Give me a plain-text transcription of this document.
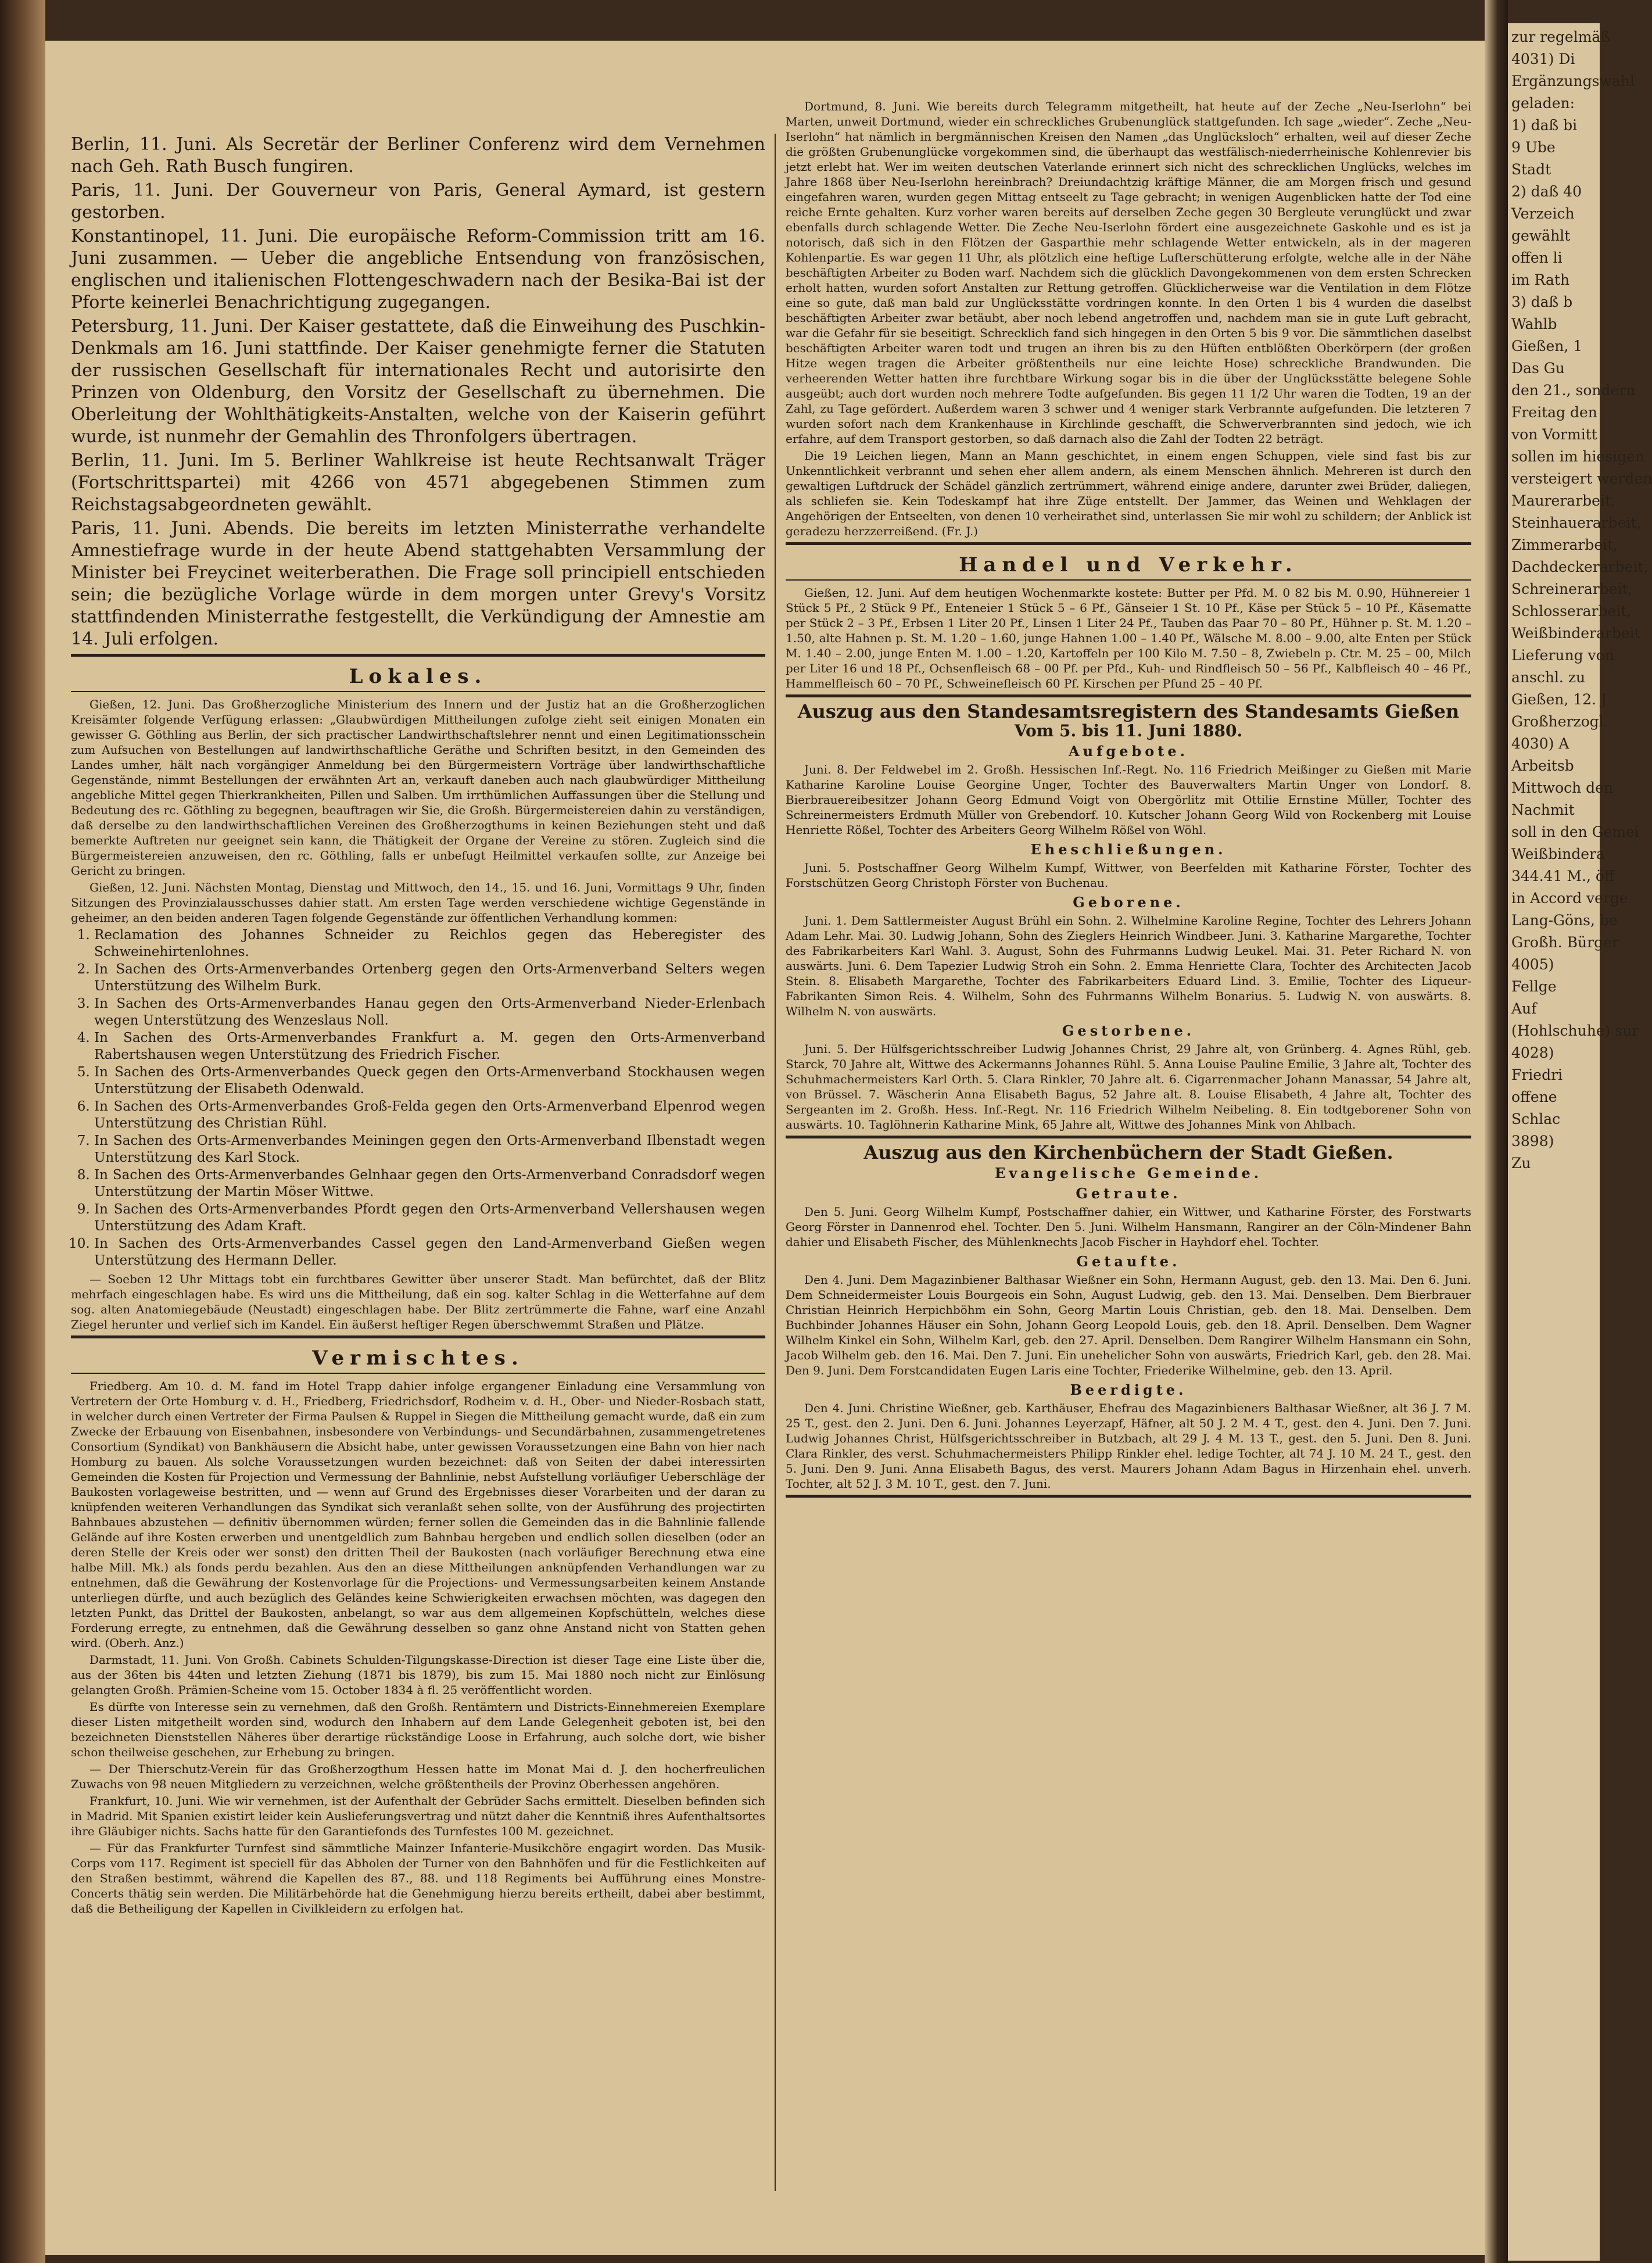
zur regelmäß
4031) Di
Ergänzungswahl
geladen:
1) daß bi
9 Ube
Stadt
2) daß 40
Verzeich
gewählt
offen li
im Rath
3) daß b
Wahlb
Gießen, 1
Das Gu
den 21., sondern
Freitag den
von Vormitt
sollen im hiesigen
versteigert werden
Maurerarbeit,
Steinhauerarbeit,
Zimmerarbeit,
Dachdeckerarbeit,
Schreinerarbeit,
Schlosserarbeit,
Weißbinderarbeit
Lieferung von
anschl. zu
Gießen, 12. J
Großherzogl.
4030) A
Arbeitsb
Mittwoch den
Nachmit
soll in den Gemei
Weißbindera
344.41 M., öff
in Accord verge
Lang-Göns, be
Großh. Bürger
4005)
Fellge
Auf
(Hohlschuhe) sur
4028)
Friedri
offene
Schlac
3898)
Zu

Berlin, 11. Juni. Als Secretär der Berliner Conferenz wird dem Vernehmen nach Geh. Rath Busch fungiren.

Paris, 11. Juni. Der Gouverneur von Paris, General Aymard, ist gestern gestorben.

Konstantinopel, 11. Juni. Die europäische Reform-Commission tritt am 16. Juni zusammen. — Ueber die angebliche Entsendung von französischen, englischen und italienischen Flottengeschwadern nach der Besika-Bai ist der Pforte keinerlei Benachrichtigung zugegangen.

Petersburg, 11. Juni. Der Kaiser gestattete, daß die Einweihung des Puschkin-Denkmals am 16. Juni stattfinde. Der Kaiser genehmigte ferner die Statuten der russischen Gesellschaft für internationales Recht und autorisirte den Prinzen von Oldenburg, den Vorsitz der Gesellschaft zu übernehmen. Die Oberleitung der Wohlthätigkeits-Anstalten, welche von der Kaiserin geführt wurde, ist nunmehr der Gemahlin des Thronfolgers übertragen.

Berlin, 11. Juni. Im 5. Berliner Wahlkreise ist heute Rechtsanwalt Träger (Fortschrittspartei) mit 4266 von 4571 abgegebenen Stimmen zum Reichstagsabgeordneten gewählt.

Paris, 11. Juni. Abends. Die bereits im letzten Ministerrathe verhandelte Amnestiefrage wurde in der heute Abend stattgehabten Versammlung der Minister bei Freycinet weiterberathen. Die Frage soll principiell entschieden sein; die bezügliche Vorlage würde in dem morgen unter Grevy's Vorsitz stattfindenden Ministerrathe festgestellt, die Verkündigung der Amnestie am 14. Juli erfolgen.

Lokales.

Gießen, 12. Juni. Das Großherzogliche Ministerium des Innern und der Justiz hat an die Großherzoglichen Kreisämter folgende Verfügung erlassen: „Glaubwürdigen Mittheilungen zufolge zieht seit einigen Monaten ein gewisser G. Göthling aus Berlin, der sich practischer Landwirthschaftslehrer nennt und einen Legitimationsschein zum Aufsuchen von Bestellungen auf landwirthschaftliche Geräthe und Schriften besitzt, in den Gemeinden des Landes umher, hält nach vorgängiger Anmeldung bei den Bürgermeistern Vorträge über landwirthschaftliche Gegenstände, nimmt Bestellungen der erwähnten Art an, verkauft daneben auch nach glaubwürdiger Mittheilung angebliche Mittel gegen Thierkrankheiten, Pillen und Salben. Um irrthümlichen Auffassungen über die Stellung und Bedeutung des rc. Göthling zu begegnen, beauftragen wir Sie, die Großh. Bürgermeistereien dahin zu verständigen, daß derselbe zu den landwirthschaftlichen Vereinen des Großherzogthums in keinen Beziehungen steht und daß bemerkte Auftreten nur geeignet sein kann, die Thätigkeit der Organe der Vereine zu stören. Zugleich sind die Bürgermeistereien anzuweisen, den rc. Göthling, falls er unbefugt Heilmittel verkaufen sollte, zur Anzeige bei Gericht zu bringen.

Gießen, 12. Juni. Nächsten Montag, Dienstag und Mittwoch, den 14., 15. und 16. Juni, Vormittags 9 Uhr, finden Sitzungen des Provinzialausschusses dahier statt. Am ersten Tage werden verschiedene wichtige Gegenstände in geheimer, an den beiden anderen Tagen folgende Gegenstände zur öffentlichen Verhandlung kommen:

1. Reclamation des Johannes Schneider zu Reichlos gegen das Heberegister des Schweinehirtenlohnes.
2. In Sachen des Orts-Armenverbandes Ortenberg gegen den Orts-Armenverband Selters wegen Unterstützung des Wilhelm Burk.
3. In Sachen des Orts-Armenverbandes Hanau gegen den Orts-Armenverband Nieder-Erlenbach wegen Unterstützung des Wenzeslaus Noll.
4. In Sachen des Orts-Armenverbandes Frankfurt a. M. gegen den Orts-Armenverband Rabertshausen wegen Unterstützung des Friedrich Fischer.
5. In Sachen des Orts-Armenverbandes Queck gegen den Orts-Armenverband Stockhausen wegen Unterstützung der Elisabeth Odenwald.
6. In Sachen des Orts-Armenverbandes Groß-Felda gegen den Orts-Armenverband Elpenrod wegen Unterstützung des Christian Rühl.
7. In Sachen des Orts-Armenverbandes Meiningen gegen den Orts-Armenverband Ilbenstadt wegen Unterstützung des Karl Stock.
8. In Sachen des Orts-Armenverbandes Gelnhaar gegen den Orts-Armenverband Conradsdorf wegen Unterstützung der Martin Möser Wittwe.
9. In Sachen des Orts-Armenverbandes Pfordt gegen den Orts-Armenverband Vellershausen wegen Unterstützung des Adam Kraft.
10. In Sachen des Orts-Armenverbandes Cassel gegen den Land-Armenverband Gießen wegen Unterstützung des Hermann Deller.

— Soeben 12 Uhr Mittags tobt ein furchtbares Gewitter über unserer Stadt. Man befürchtet, daß der Blitz mehrfach eingeschlagen habe. Es wird uns die Mittheilung, daß ein sog. kalter Schlag in die Wetterfahne auf dem sog. alten Anatomiegebäude (Neustadt) eingeschlagen habe. Der Blitz zertrümmerte die Fahne, warf eine Anzahl Ziegel herunter und verlief sich im Kandel. Ein äußerst heftiger Regen überschwemmt Straßen und Plätze.

Vermischtes.

Friedberg. Am 10. d. M. fand im Hotel Trapp dahier infolge ergangener Einladung eine Versammlung von Vertretern der Orte Homburg v. d. H., Friedberg, Friedrichsdorf, Rodheim v. d. H., Ober- und Nieder-Rosbach statt, in welcher durch einen Vertreter der Firma Paulsen & Ruppel in Siegen die Mittheilung gemacht wurde, daß ein zum Zwecke der Erbauung von Eisenbahnen, insbesondere von Verbindungs- und Secundärbahnen, zusammengetretenes Consortium (Syndikat) von Bankhäusern die Absicht habe, unter gewissen Voraussetzungen eine Bahn von hier nach Homburg zu bauen. Als solche Voraussetzungen wurden bezeichnet: daß von Seiten der dabei interessirten Gemeinden die Kosten für Projection und Vermessung der Bahnlinie, nebst Aufstellung vorläufiger Ueberschläge der Baukosten vorlageweise bestritten, und — wenn auf Grund des Ergebnisses dieser Vorarbeiten und der daran zu knüpfenden weiteren Verhandlungen das Syndikat sich veranlaßt sehen sollte, von der Ausführung des projectirten Bahnbaues abzustehen — definitiv übernommen würden; ferner sollen die Gemeinden das in die Bahnlinie fallende Gelände auf ihre Kosten erwerben und unentgeldlich zum Bahnbau hergeben und endlich sollen dieselben (oder an deren Stelle der Kreis oder wer sonst) den dritten Theil der Baukosten (nach vorläufiger Berechnung etwa eine halbe Mill. Mk.) als fonds perdu bezahlen. Aus den an diese Mittheilungen anknüpfenden Verhandlungen war zu entnehmen, daß die Gewährung der Kostenvorlage für die Projections- und Vermessungsarbeiten keinem Anstande unterliegen dürfte, und auch bezüglich des Geländes keine Schwierigkeiten erwachsen möchten, was dagegen den letzten Punkt, das Drittel der Baukosten, anbelangt, so war aus dem allgemeinen Kopfschütteln, welches diese Forderung erregte, zu entnehmen, daß die Gewährung desselben so ganz ohne Anstand nicht von Statten gehen wird. (Oberh. Anz.)

Darmstadt, 11. Juni. Von Großh. Cabinets Schulden-Tilgungskasse-Direction ist dieser Tage eine Liste über die, aus der 36ten bis 44ten und letzten Ziehung (1871 bis 1879), bis zum 15. Mai 1880 noch nicht zur Einlösung gelangten Großh. Prämien-Scheine vom 15. October 1834 à fl. 25 veröffentlicht worden.

Es dürfte von Interesse sein zu vernehmen, daß den Großh. Rentämtern und Districts-Einnehmereien Exemplare dieser Listen mitgetheilt worden sind, wodurch den Inhabern auf dem Lande Gelegenheit geboten ist, bei den bezeichneten Dienststellen Näheres über derartige rückständige Loose in Erfahrung, auch solche dort, wie bisher schon theilweise geschehen, zur Erhebung zu bringen.

— Der Thierschutz-Verein für das Großherzogthum Hessen hatte im Monat Mai d. J. den hocherfreulichen Zuwachs von 98 neuen Mitgliedern zu verzeichnen, welche größtentheils der Provinz Oberhessen angehören.

Frankfurt, 10. Juni. Wie wir vernehmen, ist der Aufenthalt der Gebrüder Sachs ermittelt. Dieselben befinden sich in Madrid. Mit Spanien existirt leider kein Auslieferungsvertrag und nützt daher die Kenntniß ihres Aufenthaltsortes ihre Gläubiger nichts. Sachs hatte für den Garantiefonds des Turnfestes 100 M. gezeichnet.

— Für das Frankfurter Turnfest sind sämmtliche Mainzer Infanterie-Musikchöre engagirt worden. Das Musik-Corps vom 117. Regiment ist speciell für das Abholen der Turner von den Bahnhöfen und für die Festlichkeiten auf den Straßen bestimmt, während die Kapellen des 87., 88. und 118 Regiments bei Aufführung eines Monstre-Concerts thätig sein werden. Die Militärbehörde hat die Genehmigung hierzu bereits ertheilt, dabei aber bestimmt, daß die Betheiligung der Kapellen in Civilkleidern zu erfolgen hat.

Dortmund, 8. Juni. Wie bereits durch Telegramm mitgetheilt, hat heute auf der Zeche „Neu-Iserlohn“ bei Marten, unweit Dortmund, wieder ein schreckliches Grubenunglück stattgefunden. Ich sage „wieder“. Zeche „Neu-Iserlohn“ hat nämlich in bergmännischen Kreisen den Namen „das Unglücksloch“ erhalten, weil auf dieser Zeche die größten Grubenunglücke vorgekommen sind, die überhaupt das westfälisch-niederrheinische Kohlenrevier bis jetzt erlebt hat. Wer im weiten deutschen Vaterlande erinnert sich nicht des schrecklichen Unglücks, welches im Jahre 1868 über Neu-Iserlohn hereinbrach? Dreiundachtzig kräftige Männer, die am Morgen frisch und gesund eingefahren waren, wurden gegen Mittag entseelt zu Tage gebracht; in wenigen Augenblicken hatte der Tod eine reiche Ernte gehalten. Kurz vorher waren bereits auf derselben Zeche gegen 30 Bergleute verunglückt und zwar ebenfalls durch schlagende Wetter. Die Zeche Neu-Iserlohn fördert eine ausgezeichnete Gaskohle und es ist ja notorisch, daß sich in den Flötzen der Gasparthie mehr schlagende Wetter entwickeln, als in der mageren Kohlenpartie. Es war gegen 11 Uhr, als plötzlich eine heftige Lufterschütterung erfolgte, welche alle in der Nähe beschäftigten Arbeiter zu Boden warf. Nachdem sich die glücklich Davongekommenen von dem ersten Schrecken erholt hatten, wurden sofort Anstalten zur Rettung getroffen. Glücklicherweise war die Ventilation in dem Flötze eine so gute, daß man bald zur Unglücksstätte vordringen konnte. In den Orten 1 bis 4 wurden die daselbst beschäftigten Arbeiter zwar betäubt, aber noch lebend angetroffen und, nachdem man sie in gute Luft gebracht, war die Gefahr für sie beseitigt. Schrecklich fand sich hingegen in den Orten 5 bis 9 vor. Die sämmtlichen daselbst beschäftigten Arbeiter waren todt und trugen an ihren bis zu den Hüften entblößten Oberkörpern (der großen Hitze wegen tragen die Arbeiter größtentheils nur eine leichte Hose) schreckliche Brandwunden. Die verheerenden Wetter hatten ihre furchtbare Wirkung sogar bis in die über der Unglücksstätte belegene Sohle ausgeübt; auch dort wurden noch mehrere Todte aufgefunden. Bis gegen 11 1/2 Uhr waren die Todten, 19 an der Zahl, zu Tage gefördert. Außerdem waren 3 schwer und 4 weniger stark Verbrannte aufgefunden. Die letzteren 7 wurden sofort nach dem Krankenhause in Kirchlinde geschafft, die Schwerverbrannten sind jedoch, wie ich erfahre, auf dem Transport gestorben, so daß darnach also die Zahl der Todten 22 beträgt.

Die 19 Leichen liegen, Mann an Mann geschichtet, in einem engen Schuppen, viele sind fast bis zur Unkenntlichkeit verbrannt und sehen eher allem andern, als einem Menschen ähnlich. Mehreren ist durch den gewaltigen Luftdruck der Schädel gänzlich zertrümmert, während einige andere, darunter zwei Brüder, daliegen, als schliefen sie. Kein Todeskampf hat ihre Züge entstellt. Der Jammer, das Weinen und Wehklagen der Angehörigen der Entseelten, von denen 10 verheirathet sind, unterlassen Sie mir wohl zu schildern; der Anblick ist geradezu herzzerreißend. (Fr. J.)

Handel und Verkehr.

Gießen, 12. Juni. Auf dem heutigen Wochenmarkte kostete: Butter per Pfd. M. 0 82 bis M. 0.90, Hühnereier 1 Stück 5 Pf., 2 Stück 9 Pf., Enteneier 1 Stück 5 – 6 Pf., Gänseier 1 St. 10 Pf., Käse per Stück 5 – 10 Pf., Käsematte per Stück 2 – 3 Pf., Erbsen 1 Liter 20 Pf., Linsen 1 Liter 24 Pf., Tauben das Paar 70 – 80 Pf., Hühner p. St. M. 1.20 – 1.50, alte Hahnen p. St. M. 1.20 – 1.60, junge Hahnen 1.00 – 1.40 Pf., Wälsche M. 8.00 – 9.00, alte Enten per Stück M. 1.40 – 2.00, junge Enten M. 1.00 – 1.20, Kartoffeln per 100 Kilo M. 7.50 – 8, Zwiebeln p. Ctr. M. 25 – 00, Milch per Liter 16 und 18 Pf., Ochsenfleisch 68 – 00 Pf. per Pfd., Kuh- und Rindfleisch 50 – 56 Pf., Kalbfleisch 40 – 46 Pf., Hammelfleisch 60 – 70 Pf., Schweinefleisch 60 Pf. Kirschen per Pfund 25 – 40 Pf.

Auszug aus den Standesamtsregistern des Standesamts Gießen
Vom 5. bis 11. Juni 1880.
Aufgebote.

Juni. 8. Der Feldwebel im 2. Großh. Hessischen Inf.-Regt. No. 116 Friedrich Meißinger zu Gießen mit Marie Katharine Karoline Louise Georgine Unger, Tochter des Bauverwalters Martin Unger von Londorf. 8. Bierbrauereibesitzer Johann Georg Edmund Voigt von Obergörlitz mit Ottilie Ernstine Müller, Tochter des Schreinermeisters Erdmuth Müller von Grebendorf. 10. Kutscher Johann Georg Wild von Rockenberg mit Louise Henriette Rößel, Tochter des Arbeiters Georg Wilhelm Rößel von Wöhl.

Eheschließungen.

Juni. 5. Postschaffner Georg Wilhelm Kumpf, Wittwer, von Beerfelden mit Katharine Förster, Tochter des Forstschützen Georg Christoph Förster von Buchenau.

Geborene.

Juni. 1. Dem Sattlermeister August Brühl ein Sohn. 2. Wilhelmine Karoline Regine, Tochter des Lehrers Johann Adam Lehr. Mai. 30. Ludwig Johann, Sohn des Zieglers Heinrich Windbeer. Juni. 3. Katharine Margarethe, Tochter des Fabrikarbeiters Karl Wahl. 3. August, Sohn des Fuhrmanns Ludwig Leukel. Mai. 31. Peter Richard N. von auswärts. Juni. 6. Dem Tapezier Ludwig Stroh ein Sohn. 2. Emma Henriette Clara, Tochter des Architecten Jacob Stein. 8. Elisabeth Margarethe, Tochter des Fabrikarbeiters Eduard Lind. 3. Emilie, Tochter des Liqueur-Fabrikanten Simon Reis. 4. Wilhelm, Sohn des Fuhrmanns Wilhelm Bonarius. 5. Ludwig N. von auswärts. 8. Wilhelm N. von auswärts.

Gestorbene.

Juni. 5. Der Hülfsgerichtsschreiber Ludwig Johannes Christ, 29 Jahre alt, von Grünberg. 4. Agnes Rühl, geb. Starck, 70 Jahre alt, Wittwe des Ackermanns Johannes Rühl. 5. Anna Louise Pauline Emilie, 3 Jahre alt, Tochter des Schuhmachermeisters Karl Orth. 5. Clara Rinkler, 70 Jahre alt. 6. Cigarrenmacher Johann Manassar, 54 Jahre alt, von Brüssel. 7. Wäscherin Anna Elisabeth Bagus, 52 Jahre alt. 8. Louise Elisabeth, 4 Jahre alt, Tochter des Sergeanten im 2. Großh. Hess. Inf.-Regt. Nr. 116 Friedrich Wilhelm Neibeling. 8. Ein todtgeborener Sohn von auswärts. 10. Taglöhnerin Katharine Mink, 65 Jahre alt, Wittwe des Johannes Mink von Ahlbach.

Auszug aus den Kirchenbüchern der Stadt Gießen.
Evangelische Gemeinde.
Getraute.

Den 5. Juni. Georg Wilhelm Kumpf, Postschaffner dahier, ein Wittwer, und Katharine Förster, des Forstwarts Georg Förster in Dannenrod ehel. Tochter. Den 5. Juni. Wilhelm Hansmann, Rangirer an der Cöln-Mindener Bahn dahier und Elisabeth Fischer, des Mühlenknechts Jacob Fischer in Hayhdorf ehel. Tochter.

Getaufte.

Den 4. Juni. Dem Magazinbiener Balthasar Wießner ein Sohn, Hermann August, geb. den 13. Mai. Den 6. Juni. Dem Schneidermeister Louis Bourgeois ein Sohn, August Ludwig, geb. den 13. Mai. Denselben. Dem Bierbrauer Christian Heinrich Herpichböhm ein Sohn, Georg Martin Louis Christian, geb. den 18. Mai. Denselben. Dem Buchbinder Johannes Häuser ein Sohn, Johann Georg Leopold Louis, geb. den 18. April. Denselben. Dem Wagner Wilhelm Kinkel ein Sohn, Wilhelm Karl, geb. den 27. April. Denselben. Dem Rangirer Wilhelm Hansmann ein Sohn, Jacob Wilhelm geb. den 16. Mai. Den 7. Juni. Ein unehelicher Sohn von auswärts, Friedrich Karl, geb. den 28. Mai. Den 9. Juni. Dem Forstcandidaten Eugen Laris eine Tochter, Friederike Wilhelmine, geb. den 13. April.

Beerdigte.

Den 4. Juni. Christine Wießner, geb. Karthäuser, Ehefrau des Magazinbieners Balthasar Wießner, alt 36 J. 7 M. 25 T., gest. den 2. Juni. Den 6. Juni. Johannes Leyerzapf, Häfner, alt 50 J. 2 M. 4 T., gest. den 4. Juni. Den 7. Juni. Ludwig Johannes Christ, Hülfsgerichtsschreiber in Butzbach, alt 29 J. 4 M. 13 T., gest. den 5. Juni. Den 8. Juni. Clara Rinkler, des verst. Schuhmachermeisters Philipp Rinkler ehel. ledige Tochter, alt 74 J. 10 M. 24 T., gest. den 5. Juni. Den 9. Juni. Anna Elisabeth Bagus, des verst. Maurers Johann Adam Bagus in Hirzenhain ehel. unverh. Tochter, alt 52 J. 3 M. 10 T., gest. den 7. Juni.
